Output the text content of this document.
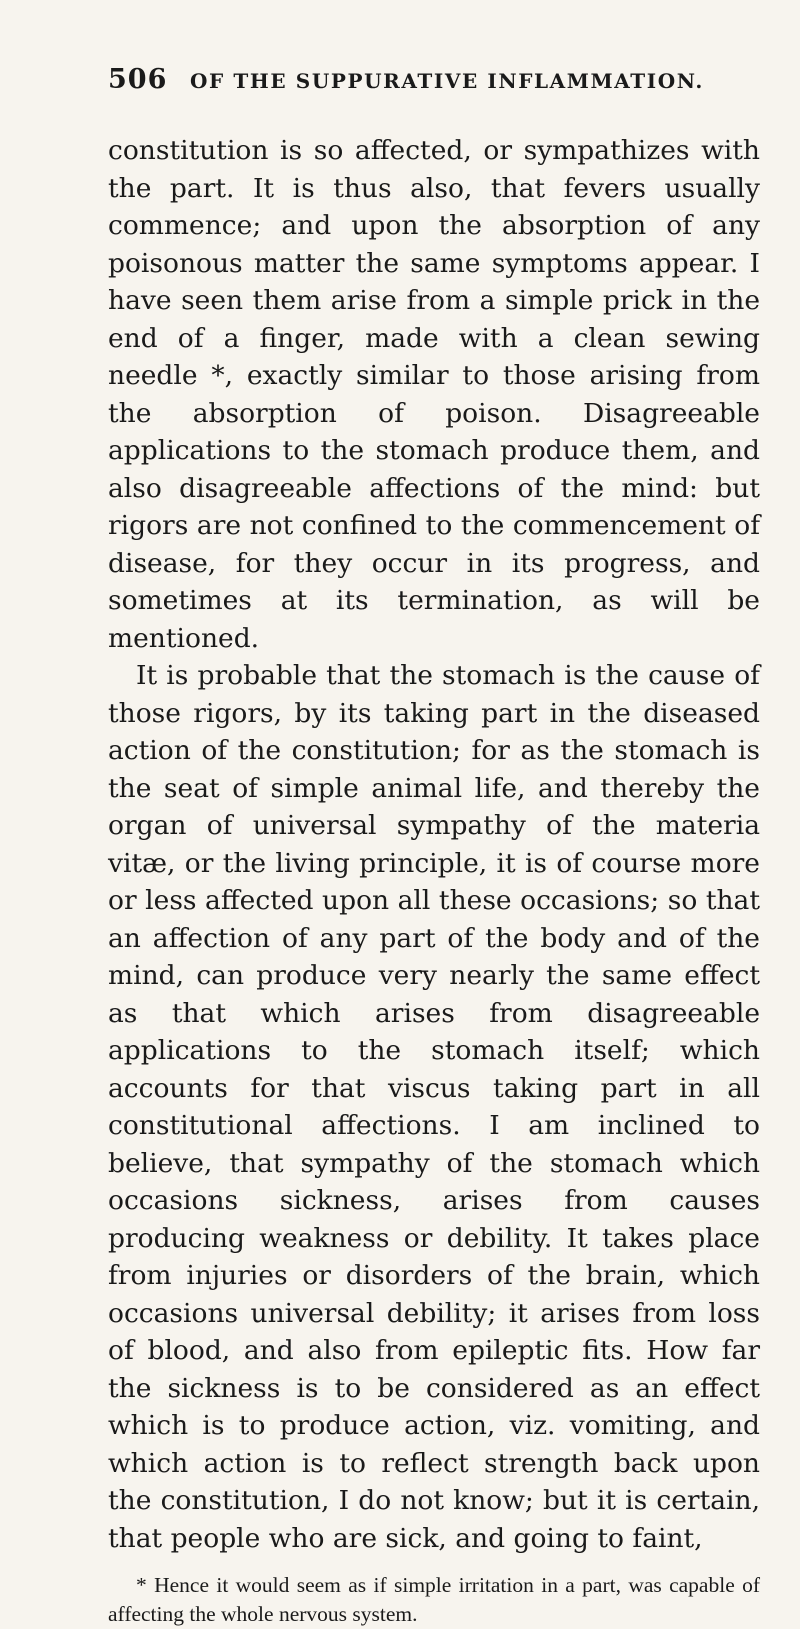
506	OF THE SUPPURATIVE INFLAMMATION.

constitution is so affected, or sympathizes with the part. It is thus also, that fevers usually commence; and upon the absorption of any poisonous matter the same symptoms appear. I have seen them arise from a simple prick in the end of a finger, made with a clean sewing needle *, exactly similar to those arising from the absorption of poison. Disagreeable applications to the stomach produce them, and also disagreeable affections of the mind: but rigors are not confined to the commencement of disease, for they occur in its progress, and sometimes at its termination, as will be mentioned.

It is probable that the stomach is the cause of those rigors, by its taking part in the diseased action of the constitution; for as the stomach is the seat of simple animal life, and thereby the organ of universal sympathy of the materia vitæ, or the living principle, it is of course more or less affected upon all these occasions; so that an affection of any part of the body and of the mind, can produce very nearly the same effect as that which arises from disagreeable applications to the stomach itself; which accounts for that viscus taking part in all constitutional affections. I am inclined to believe, that sympathy of the stomach which occasions sickness, arises from causes producing weakness or debility. It takes place from injuries or disorders of the brain, which occasions universal debility; it arises from loss of blood, and also from epileptic fits. How far the sickness is to be considered as an effect which is to produce action, viz. vomiting, and which action is to reflect strength back upon the constitution, I do not know; but it is certain, that people who are sick, and going to faint,

* Hence it would seem as if simple irritation in a part, was capable of affecting the whole nervous system.
